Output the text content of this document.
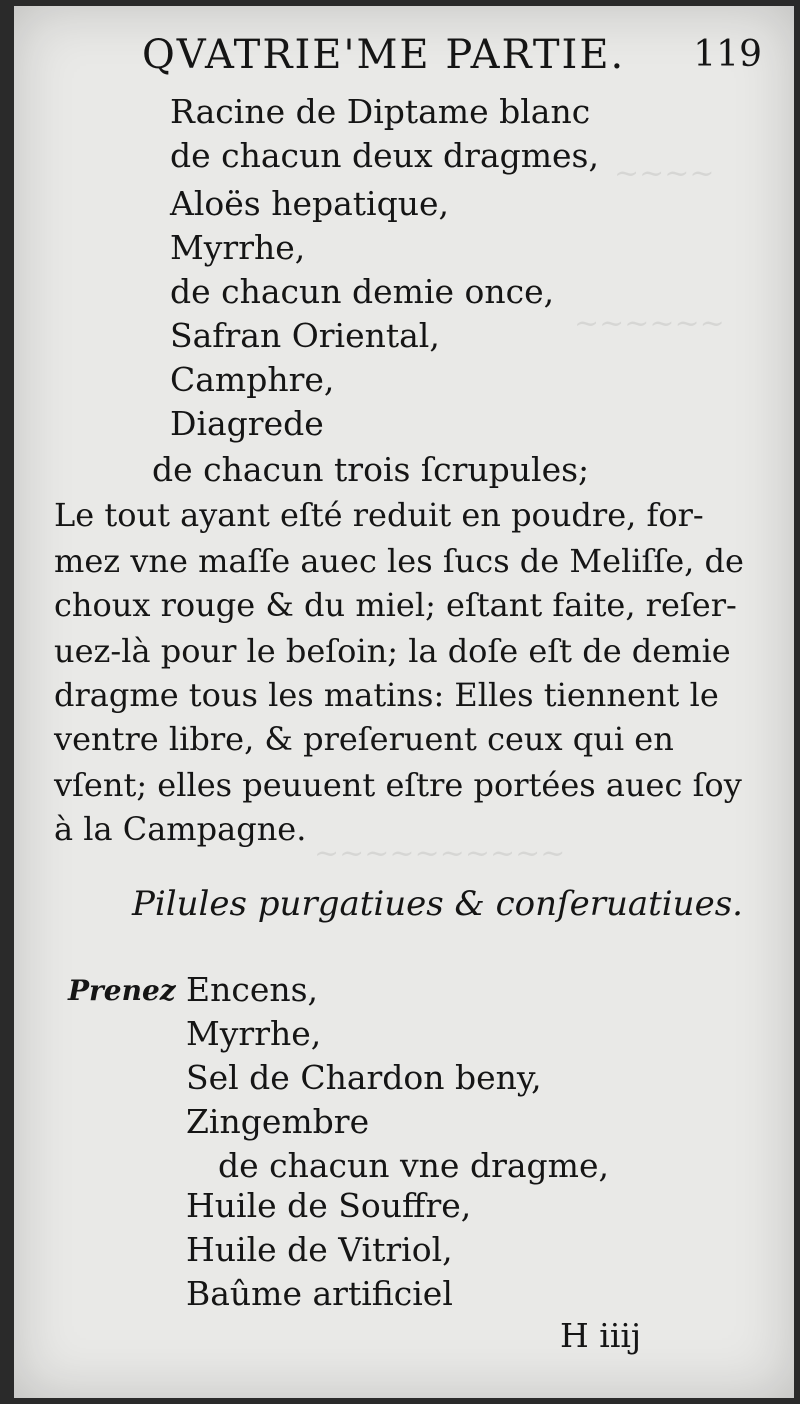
~~~~
~~~~~~
~~~~~~~~~~
QVATRIE'ME PARTIE. 119
Racine de Diptame blanc
de chacun deux dragmes,
Aloës hepatique,
Myrrhe,
de chacun demie once,
Safran Oriental,
Camphre,
Diagrede
de chacun trois ſcrupules;
Le tout ayant eſté reduit en poudre, for-
mez vne maſſe auec les ſucs de Meliſſe, de
choux rouge & du miel; eſtant faite, reſer-
uez-là pour le beſoin; la doſe eſt de demie
dragme tous les matins: Elles tiennent le
ventre libre, & preſeruent ceux qui en
vſent; elles peuuent eſtre portées auec ſoy
à la Campagne.
Pilules purgatiues & conſeruatiues.
Prenez Encens,
Myrrhe,
Sel de Chardon beny,
Zingembre
de chacun vne dragme,
Huile de Souffre,
Huile de Vitriol,
Baûme artificiel
H iiij
